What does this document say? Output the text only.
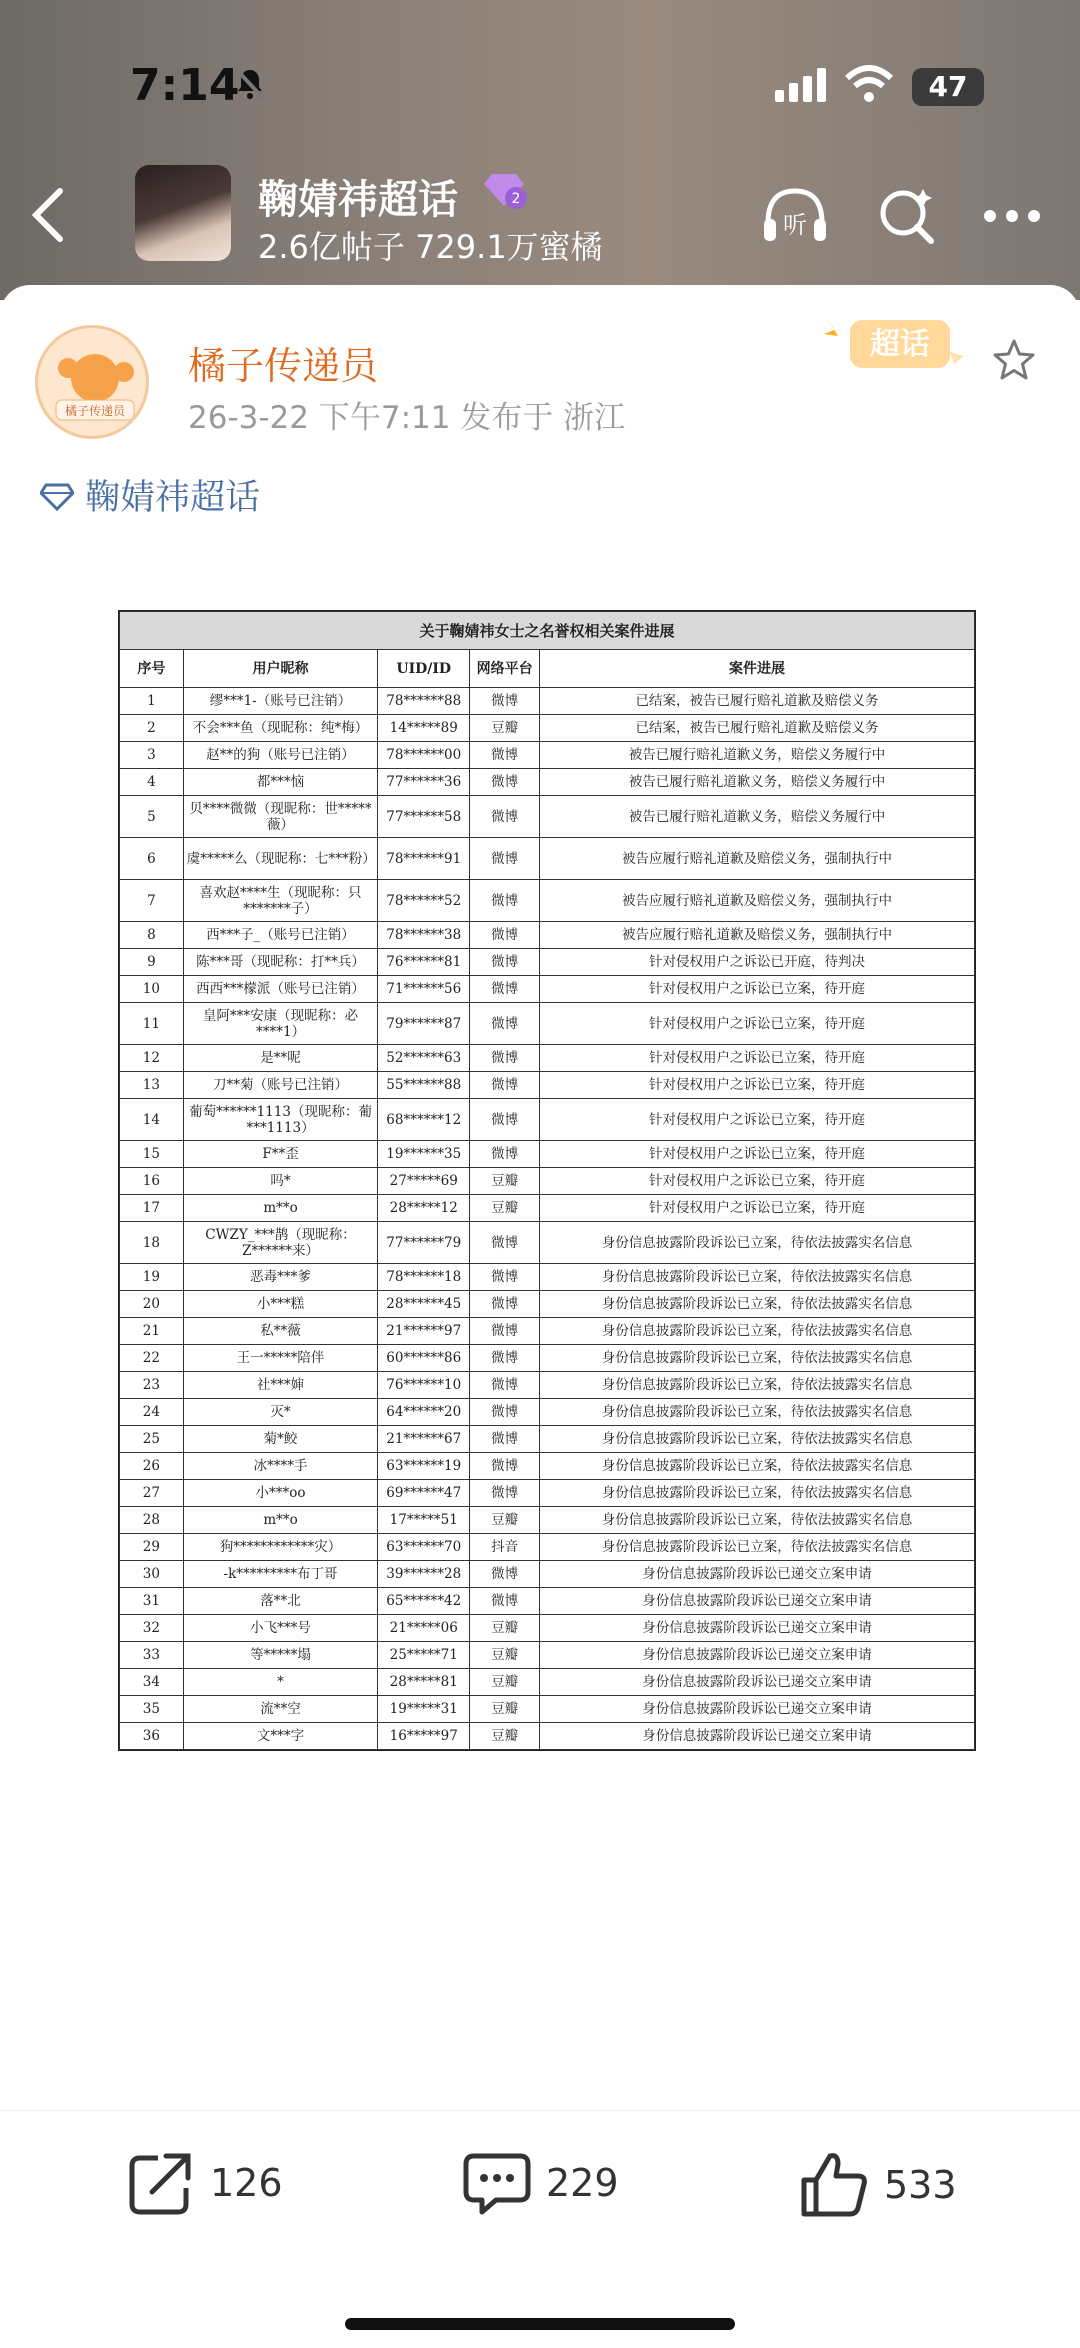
7:14	47
鞠婧祎超话	2
2.6亿帖子 729.1万蜜橘
听
橘子传递员
橘子传递员
26-3-22 下午7:11 发布于 浙江
超话
鞠婧祎超话
关于鞠婧祎女士之名誉权相关案件进展				
序号	用户昵称	UID/ID	网络平台	案件进展
1	缪***1-（账号已注销）	78******88	微博	已结案，被告已履行赔礼道歉及赔偿义务
2	不会***鱼（现昵称：纯*梅）	14*****89	豆瓣	已结案，被告已履行赔礼道歉及赔偿义务
3	赵**的狗（账号已注销）	78******00	微博	被告已履行赔礼道歉义务，赔偿义务履行中
4	都***恼	77******36	微博	被告已履行赔礼道歉义务，赔偿义务履行中
5	贝****微微（现昵称：世*****薇）	77******58	微博	被告已履行赔礼道歉义务，赔偿义务履行中
6	虞*****么（现昵称：七***粉）	78******91	微博	被告应履行赔礼道歉及赔偿义务，强制执行中
7	喜欢赵****生（现昵称：只*******子）	78******52	微博	被告应履行赔礼道歉及赔偿义务，强制执行中
8	西***子_（账号已注销）	78******38	微博	被告应履行赔礼道歉及赔偿义务，强制执行中
9	陈***哥（现昵称：打**兵）	76******81	微博	针对侵权用户之诉讼已开庭，待判决
10	西西***檬派（账号已注销）	71******56	微博	针对侵权用户之诉讼已立案，待开庭
11	皇阿***安康（现昵称：必****1）	79******87	微博	针对侵权用户之诉讼已立案，待开庭
12	是**呢	52******63	微博	针对侵权用户之诉讼已立案，待开庭
13	刀**菊（账号已注销）	55******88	微博	针对侵权用户之诉讼已立案，待开庭
14	葡萄******1113（现昵称：葡***1113）	68******12	微博	针对侵权用户之诉讼已立案，待开庭
15	F**歪	19******35	微博	针对侵权用户之诉讼已立案，待开庭
16	吗*	27*****69	豆瓣	针对侵权用户之诉讼已立案，待开庭
17	m**o	28*****12	豆瓣	针对侵权用户之诉讼已立案，待开庭
18	CWZY_***鹊（现昵称：Z******来）	77******79	微博	身份信息披露阶段诉讼已立案，待依法披露实名信息
19	恶毒***爹	78******18	微博	身份信息披露阶段诉讼已立案，待依法披露实名信息
20	小***糕	28******45	微博	身份信息披露阶段诉讼已立案，待依法披露实名信息
21	私**薇	21******97	微博	身份信息披露阶段诉讼已立案，待依法披露实名信息
22	王一*****陪伴	60******86	微博	身份信息披露阶段诉讼已立案，待依法披露实名信息
23	社***婶	76******10	微博	身份信息披露阶段诉讼已立案，待依法披露实名信息
24	灭*	64******20	微博	身份信息披露阶段诉讼已立案，待依法披露实名信息
25	菊*鲛	21******67	微博	身份信息披露阶段诉讼已立案，待依法披露实名信息
26	冰****手	63******19	微博	身份信息披露阶段诉讼已立案，待依法披露实名信息
27	小***oo	69******47	微博	身份信息披露阶段诉讼已立案，待依法披露实名信息
28	m**o	17*****51	豆瓣	身份信息披露阶段诉讼已立案，待依法披露实名信息
29	狗************灾）	63******70	抖音	身份信息披露阶段诉讼已立案，待依法披露实名信息
30	-k*********布丁哥	39******28	微博	身份信息披露阶段诉讼已递交立案申请
31	落**北	65******42	微博	身份信息披露阶段诉讼已递交立案申请
32	小飞***号	21*****06	豆瓣	身份信息披露阶段诉讼已递交立案申请
33	等*****塌	25*****71	豆瓣	身份信息披露阶段诉讼已递交立案申请
34	*	28*****81	豆瓣	身份信息披露阶段诉讼已递交立案申请
35	流**空	19*****31	豆瓣	身份信息披露阶段诉讼已递交立案申请
36	文***字	16*****97	豆瓣	身份信息披露阶段诉讼已递交立案申请
126	229	533
